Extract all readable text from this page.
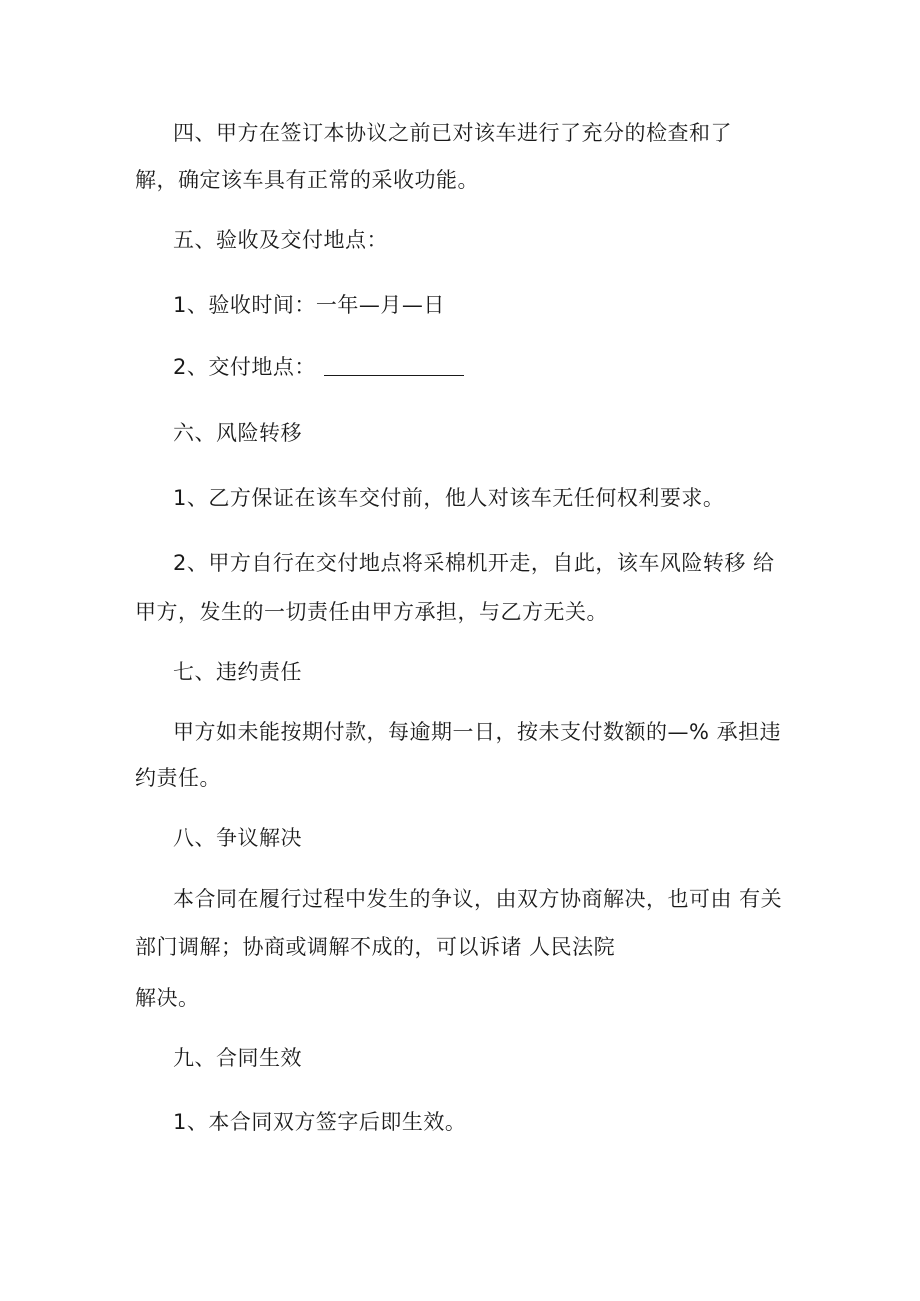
四、甲方在签订本协议之前已对该车进行了充分的检查和了
解，确定该车具有正常的采收功能。
五、验收及交付地点：
1、验收时间：一年—月—日
2、交付地点：
六、风险转移
1、乙方保证在该车交付前，他人对该车无任何权利要求。
2、甲方自行在交付地点将采棉机开走，自此，该车风险转移 给
甲方，发生的一切责任由甲方承担，与乙方无关。
七、违约责任
甲方如未能按期付款，每逾期一日，按未支付数额的—% 承担违
约责任。
八、争议解决
本合同在履行过程中发生的争议，由双方协商解决，也可由 有关
部门调解；协商或调解不成的，可以诉诸 人民法院
解决。
九、合同生效
1、本合同双方签字后即生效。
